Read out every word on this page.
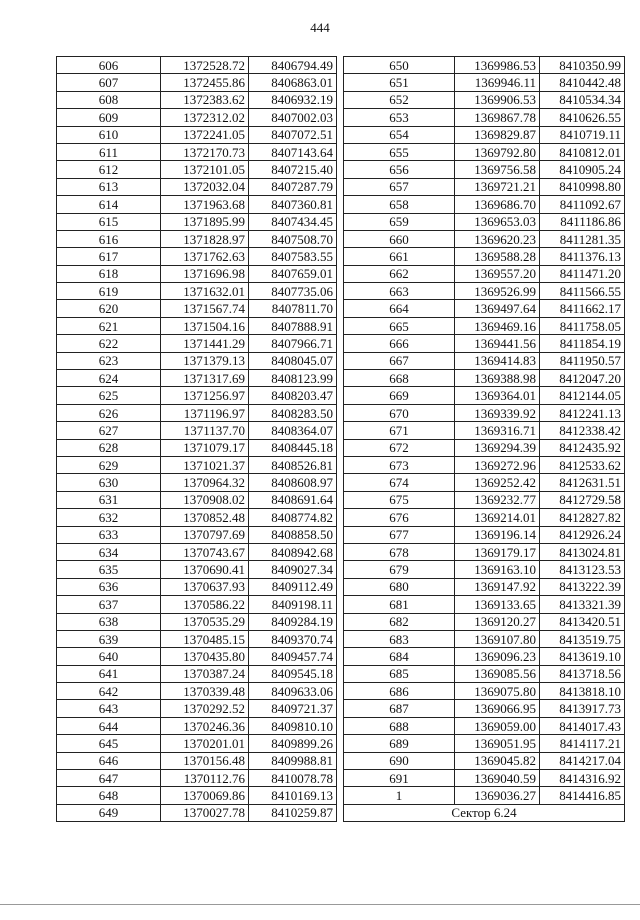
444
606	1372528.72	8406794.49
607	1372455.86	8406863.01
608	1372383.62	8406932.19
609	1372312.02	8407002.03
610	1372241.05	8407072.51
611	1372170.73	8407143.64
612	1372101.05	8407215.40
613	1372032.04	8407287.79
614	1371963.68	8407360.81
615	1371895.99	8407434.45
616	1371828.97	8407508.70
617	1371762.63	8407583.55
618	1371696.98	8407659.01
619	1371632.01	8407735.06
620	1371567.74	8407811.70
621	1371504.16	8407888.91
622	1371441.29	8407966.71
623	1371379.13	8408045.07
624	1371317.69	8408123.99
625	1371256.97	8408203.47
626	1371196.97	8408283.50
627	1371137.70	8408364.07
628	1371079.17	8408445.18
629	1371021.37	8408526.81
630	1370964.32	8408608.97
631	1370908.02	8408691.64
632	1370852.48	8408774.82
633	1370797.69	8408858.50
634	1370743.67	8408942.68
635	1370690.41	8409027.34
636	1370637.93	8409112.49
637	1370586.22	8409198.11
638	1370535.29	8409284.19
639	1370485.15	8409370.74
640	1370435.80	8409457.74
641	1370387.24	8409545.18
642	1370339.48	8409633.06
643	1370292.52	8409721.37
644	1370246.36	8409810.10
645	1370201.01	8409899.26
646	1370156.48	8409988.81
647	1370112.76	8410078.78
648	1370069.86	8410169.13
649	1370027.78	8410259.87
650	1369986.53	8410350.99
651	1369946.11	8410442.48
652	1369906.53	8410534.34
653	1369867.78	8410626.55
654	1369829.87	8410719.11
655	1369792.80	8410812.01
656	1369756.58	8410905.24
657	1369721.21	8410998.80
658	1369686.70	8411092.67
659	1369653.03	8411186.86
660	1369620.23	8411281.35
661	1369588.28	8411376.13
662	1369557.20	8411471.20
663	1369526.99	8411566.55
664	1369497.64	8411662.17
665	1369469.16	8411758.05
666	1369441.56	8411854.19
667	1369414.83	8411950.57
668	1369388.98	8412047.20
669	1369364.01	8412144.05
670	1369339.92	8412241.13
671	1369316.71	8412338.42
672	1369294.39	8412435.92
673	1369272.96	8412533.62
674	1369252.42	8412631.51
675	1369232.77	8412729.58
676	1369214.01	8412827.82
677	1369196.14	8412926.24
678	1369179.17	8413024.81
679	1369163.10	8413123.53
680	1369147.92	8413222.39
681	1369133.65	8413321.39
682	1369120.27	8413420.51
683	1369107.80	8413519.75
684	1369096.23	8413619.10
685	1369085.56	8413718.56
686	1369075.80	8413818.10
687	1369066.95	8413917.73
688	1369059.00	8414017.43
689	1369051.95	8414117.21
690	1369045.82	8414217.04
691	1369040.59	8414316.92
1	1369036.27	8414416.85
Сектор 6.24		
